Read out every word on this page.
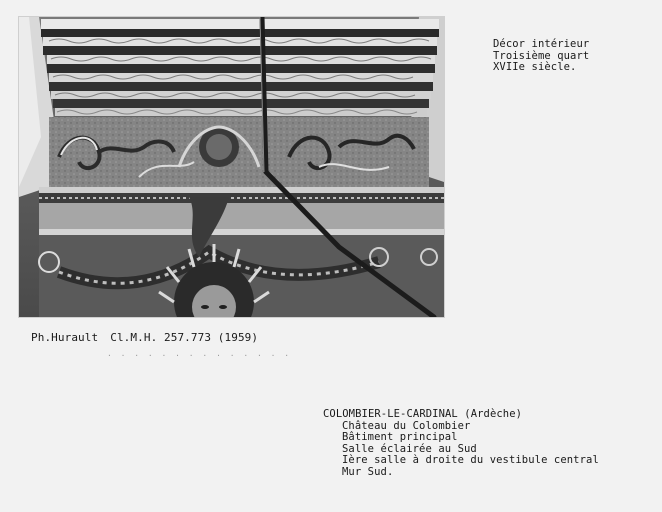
Décor intérieur
Troisième quart
XVIIe siècle.
Ph.Hurault Cl.M.H. 257.773 (1959)
. . . . . . . . . . . . . .
COLOMBIER-LE-CARDINAL (Ardèche)
Château du Colombier
Bâtiment principal
Salle éclairée au Sud
Ière salle à droite du vestibule central
Mur Sud.
